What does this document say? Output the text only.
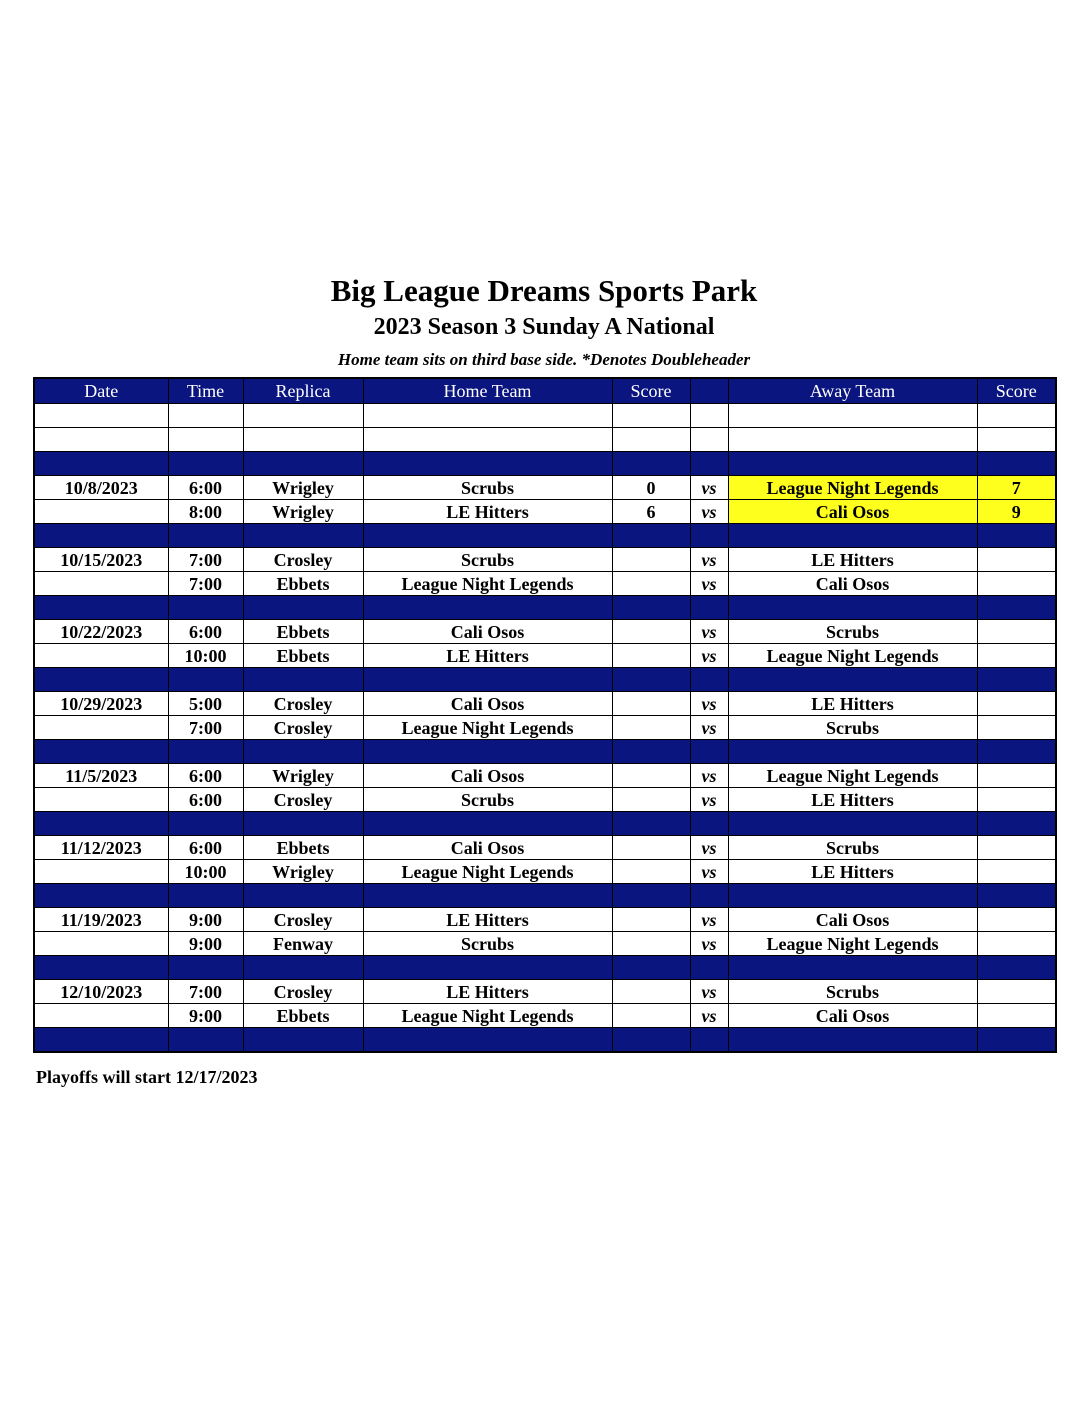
Big League Dreams Sports Park
2023 Season 3 Sunday A National
Home team sits on third base side. *Denotes Doubleheader
Date	Time	Replica	Home Team	Score		Away Team	Score

10/8/2023	6:00	Wrigley	Scrubs	0	vs	League Night Legends	7
	8:00	Wrigley	LE Hitters	6	vs	Cali Osos	9

10/15/2023	7:00	Crosley	Scrubs		vs	LE Hitters	
	7:00	Ebbets	League Night Legends		vs	Cali Osos	

10/22/2023	6:00	Ebbets	Cali Osos		vs	Scrubs	
	10:00	Ebbets	LE Hitters		vs	League Night Legends	

10/29/2023	5:00	Crosley	Cali Osos		vs	LE Hitters	
	7:00	Crosley	League Night Legends		vs	Scrubs	

11/5/2023	6:00	Wrigley	Cali Osos		vs	League Night Legends	
	6:00	Crosley	Scrubs		vs	LE Hitters	

11/12/2023	6:00	Ebbets	Cali Osos		vs	Scrubs	
	10:00	Wrigley	League Night Legends		vs	LE Hitters	

11/19/2023	9:00	Crosley	LE Hitters		vs	Cali Osos	
	9:00	Fenway	Scrubs		vs	League Night Legends	

12/10/2023	7:00	Crosley	LE Hitters		vs	Scrubs	
	9:00	Ebbets	League Night Legends		vs	Cali Osos	

Playoffs will start 12/17/2023
